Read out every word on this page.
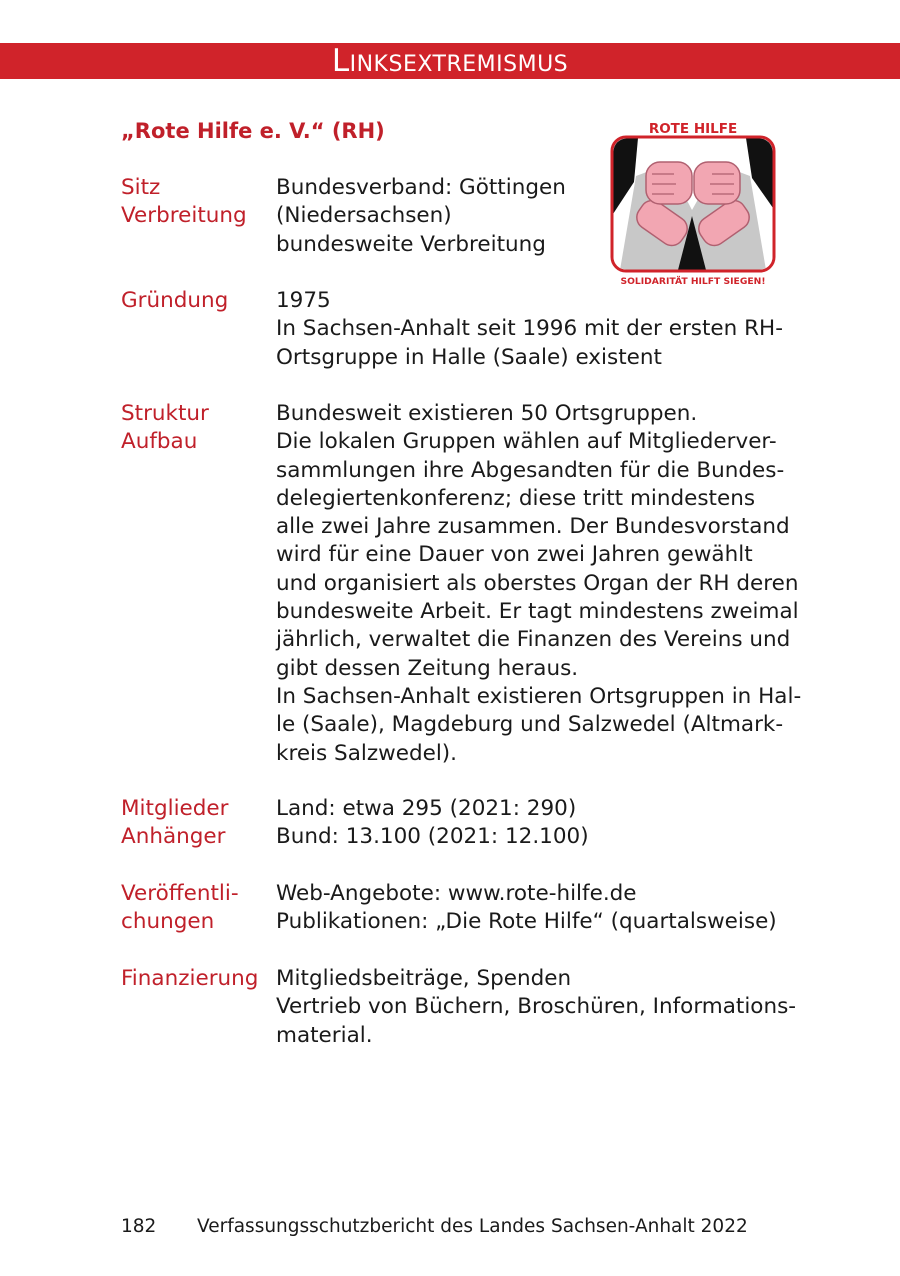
Linksextremismus
„Rote Hilfe e. V.“ (RH)	ROTE HILFE
SOLIDARITÄT HILFT SIEGEN!
Sitz
Verbreitung
Bundesverband: Göttingen
(Niedersachsen)
bundesweite Verbreitung
Gründung	1975
In Sachsen-Anhalt seit 1996 mit der ersten RH-
Ortsgruppe in Halle (Saale) existent
Struktur
Aufbau
Bundesweit existieren 50 Ortsgruppen.
Die lokalen Gruppen wählen auf Mitgliederver-
sammlungen ihre Abgesandten für die Bundes-
delegiertenkonferenz; diese tritt mindestens
alle zwei Jahre zusammen. Der Bundesvorstand
wird für eine Dauer von zwei Jahren gewählt
und organisiert als oberstes Organ der RH deren
bundesweite Arbeit. Er tagt mindestens zweimal
jährlich, verwaltet die Finanzen des Vereins und
gibt dessen Zeitung heraus.
In Sachsen-Anhalt existieren Ortsgruppen in Hal-
le (Saale), Magdeburg und Salzwedel (Altmark-
kreis Salzwedel).
Mitglieder
Anhänger
Land: etwa 295 (2021: 290)
Bund: 13.100 (2021: 12.100)
Veröffentli-
chungen
Web-Angebote: www.rote-hilfe.de
Publikationen: „Die Rote Hilfe“ (quartalsweise)
Finanzierung Mitgliedsbeiträge, Spenden
Vertrieb von Büchern, Broschüren, Informations-
material.
182 Verfassungsschutzbericht des Landes Sachsen-Anhalt 2022
